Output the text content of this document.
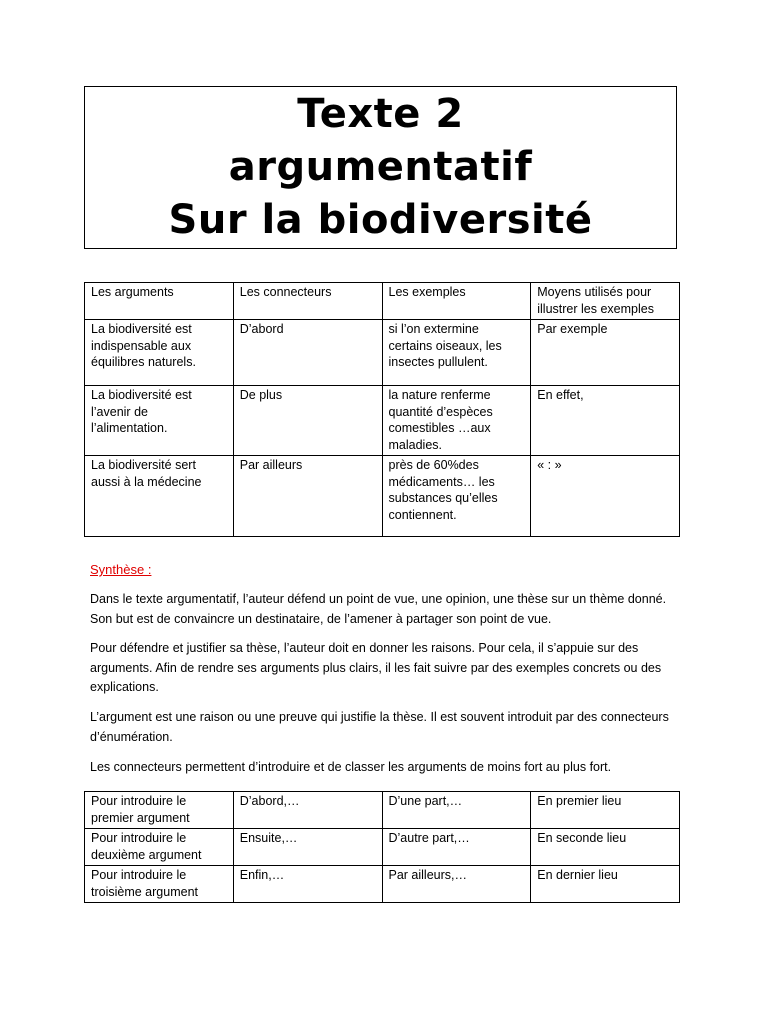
Texte 2
argumentatif
Sur la biodiversité
Les arguments	Les connecteurs	Les exemples	Moyens utilisés pour illustrer les exemples
La biodiversité est indispensable aux équilibres naturels.	D’abord	si l’on extermine certains oiseaux, les insectes pullulent.	Par exemple
La biodiversité est l’avenir de l’alimentation.	De plus	la nature renferme quantité d’espèces comestibles …aux maladies.	En effet,
La biodiversité sert aussi à la médecine	Par ailleurs	près de 60%des médicaments… les substances qu’elles contiennent.	« : »
Synthèse :

Dans le texte argumentatif, l’auteur défend un point de vue, une opinion, une thèse sur un thème donné. Son but est de convaincre un destinataire, de l’amener à partager son point de vue.

Pour défendre et justifier sa thèse, l’auteur doit en donner les raisons. Pour cela, il s’appuie sur des arguments. Afin de rendre ses arguments plus clairs, il les fait suivre par des exemples concrets ou des explications.

L’argument est une raison ou une preuve qui justifie la thèse. Il est souvent introduit par des connecteurs d’énumération.

Les connecteurs permettent d’introduire et de classer les arguments de moins fort au plus fort.

Pour introduire le premier argument	D’abord,…	D’une part,…	En premier lieu
Pour introduire le deuxième argument	Ensuite,…	D’autre part,…	En seconde lieu
Pour introduire le troisième argument	Enfin,…	Par ailleurs,…	En dernier lieu
